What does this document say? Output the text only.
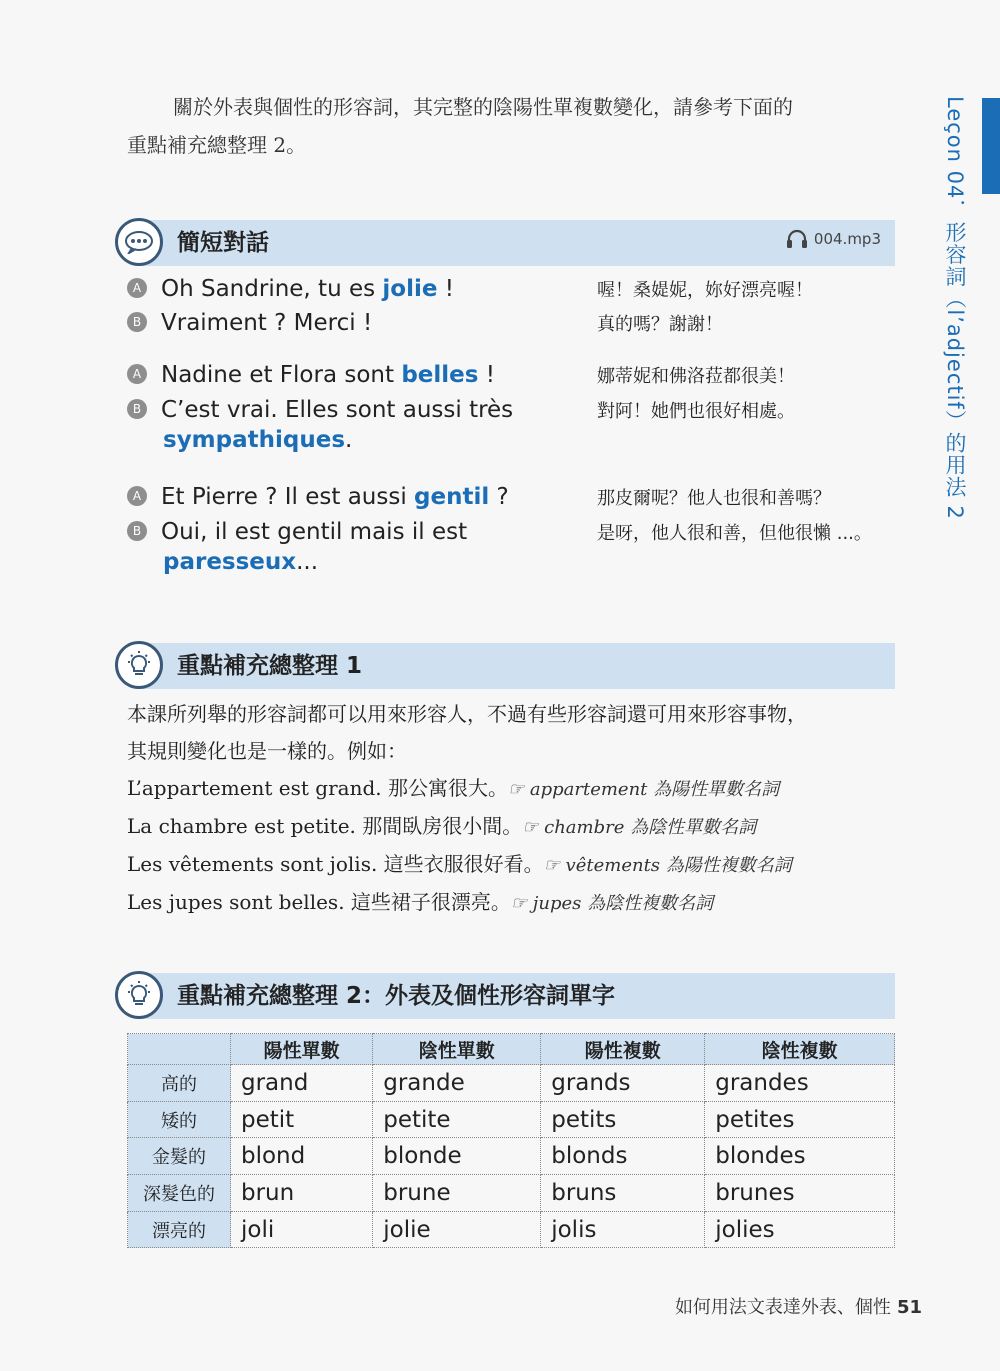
Leçon 04．形容詞（l’adjectif）的用法 2
關於外表與個性的形容詞，其完整的陰陽性單複數變化，請參考下面的
重點補充總整理 2。
簡短對話	004.mp3
A Oh Sandrine, tu es jolie !	喔！桑媞妮，妳好漂亮喔！
B Vraiment ? Merci !	真的嗎？謝謝！
A Nadine et Flora sont belles !	娜蒂妮和佛洛菈都很美！
B C’est vrai. Elles sont aussi très
sympathiques.
對阿！她們也很好相處。
A Et Pierre ? Il est aussi gentil ?	那皮爾呢？他人也很和善嗎？
B Oui, il est gentil mais il est
paresseux...
是呀，他人很和善，但他很懶 ...。
重點補充總整理 1
本課所列舉的形容詞都可以用來形容人，不過有些形容詞還可用來形容事物，
其規則變化也是一樣的。例如：
L’appartement est grand. 那公寓很大。☞ appartement 為陽性單數名詞
La chambre est petite. 那間臥房很小間。☞ chambre 為陰性單數名詞
Les vêtements sont jolis. 這些衣服很好看。☞ vêtements 為陽性複數名詞
Les jupes sont belles. 這些裙子很漂亮。☞ jupes 為陰性複數名詞
重點補充總整理 2：外表及個性形容詞單字
	陽性單數	陰性單數	陽性複數	陰性複數
高的	grand	grande	grands	grandes
矮的	petit	petite	petits	petites
金髮的	blond	blonde	blonds	blondes
深髮色的	brun	brune	bruns	brunes
漂亮的	joli	jolie	jolis	jolies
如何用法文表達外表、個性 51
